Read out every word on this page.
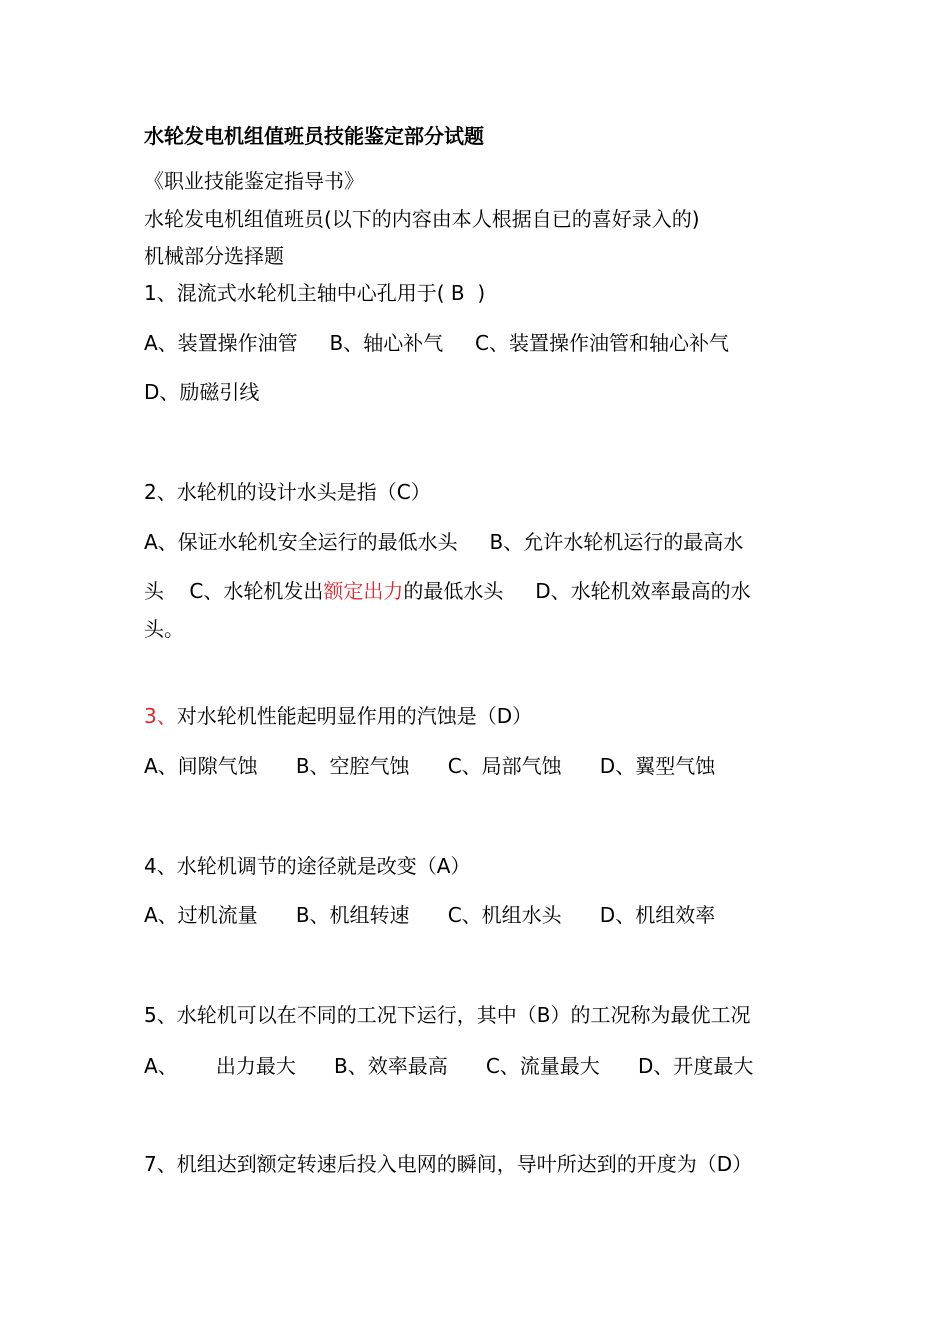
水轮发电机组值班员技能鉴定部分试题
《职业技能鉴定指导书》
水轮发电机组值班员(以下的内容由本人根据自已的喜好录入的)
机械部分选择题
1、混流式水轮机主轴中心孔用于( B  )
A、装置操作油管     B、轴心补气     C、装置操作油管和轴心补气
D、励磁引线
2、水轮机的设计水头是指（C）
A、保证水轮机安全运行的最低水头     B、允许水轮机运行的最高水
头    C、水轮机发出额定出力的最低水头     D、水轮机效率最高的水
头。
3、对水轮机性能起明显作用的汽蚀是（D）
A、间隙气蚀      B、空腔气蚀      C、局部气蚀      D、翼型气蚀
4、水轮机调节的途径就是改变（A）
A、过机流量      B、机组转速      C、机组水头      D、机组效率
5、水轮机可以在不同的工况下运行，其中（B）的工况称为最优工况
A、      出力最大      B、效率最高      C、流量最大      D、开度最大
7、机组达到额定转速后投入电网的瞬间，导叶所达到的开度为（D）
